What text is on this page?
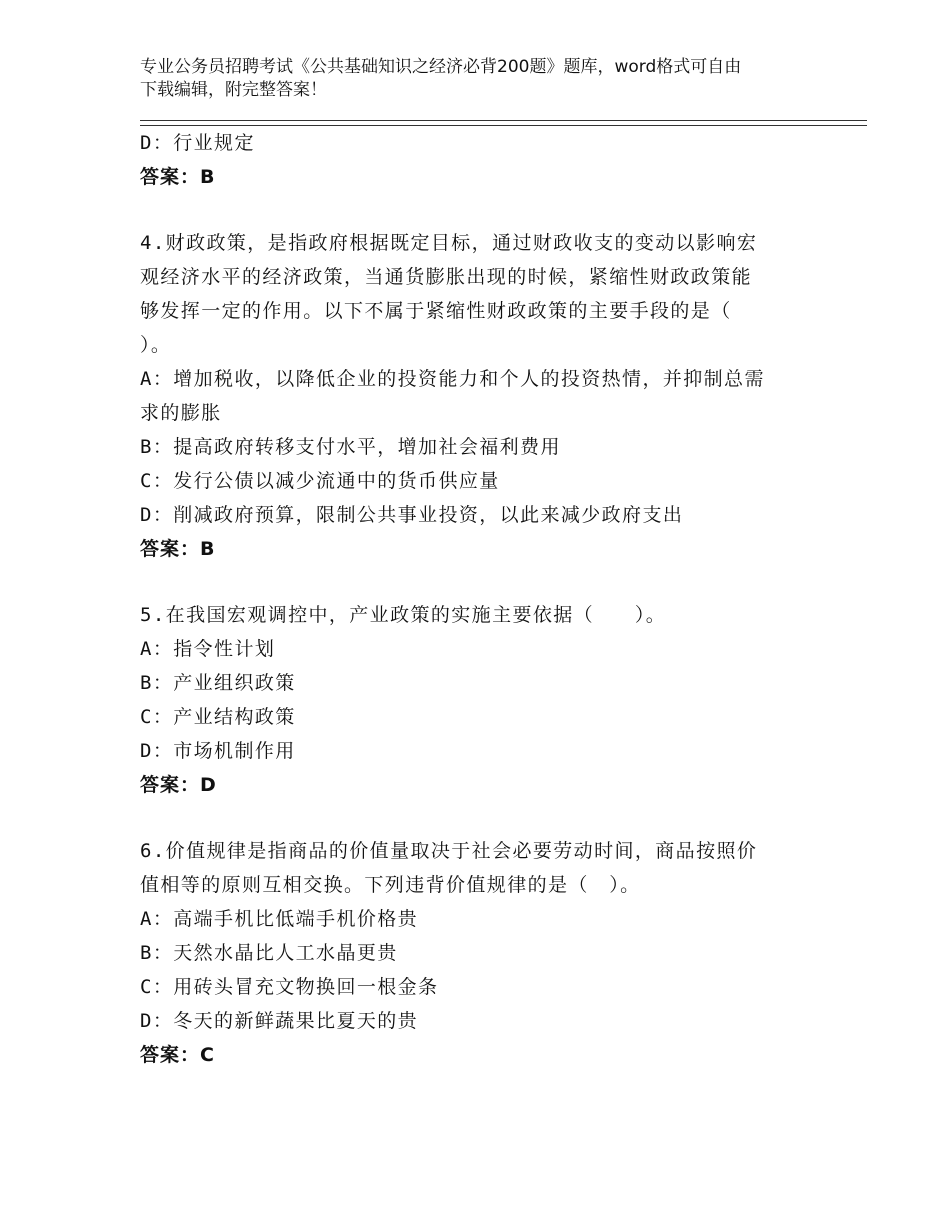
专业公务员招聘考试《公共基础知识之经济必背200题》题库，word格式可自由
下载编辑，附完整答案！
D：行业规定
答案：B
4.财政政策，是指政府根据既定目标，通过财政收支的变动以影响宏
观经济水平的经济政策，当通货膨胀出现的时候，紧缩性财政政策能
够发挥一定的作用。以下不属于紧缩性财政政策的主要手段的是（
）。
A：增加税收，以降低企业的投资能力和个人的投资热情，并抑制总需
求的膨胀
B：提高政府转移支付水平，增加社会福利费用
C：发行公债以减少流通中的货币供应量
D：削减政府预算，限制公共事业投资，以此来减少政府支出
答案：B
5.在我国宏观调控中，产业政策的实施主要依据（　　）。
A：指令性计划
B：产业组织政策
C：产业结构政策
D：市场机制作用
答案：D
6.价值规律是指商品的价值量取决于社会必要劳动时间，商品按照价
值相等的原则互相交换。下列违背价值规律的是（　）。
A：高端手机比低端手机价格贵
B：天然水晶比人工水晶更贵
C：用砖头冒充文物换回一根金条
D：冬天的新鲜蔬果比夏天的贵
答案：C
